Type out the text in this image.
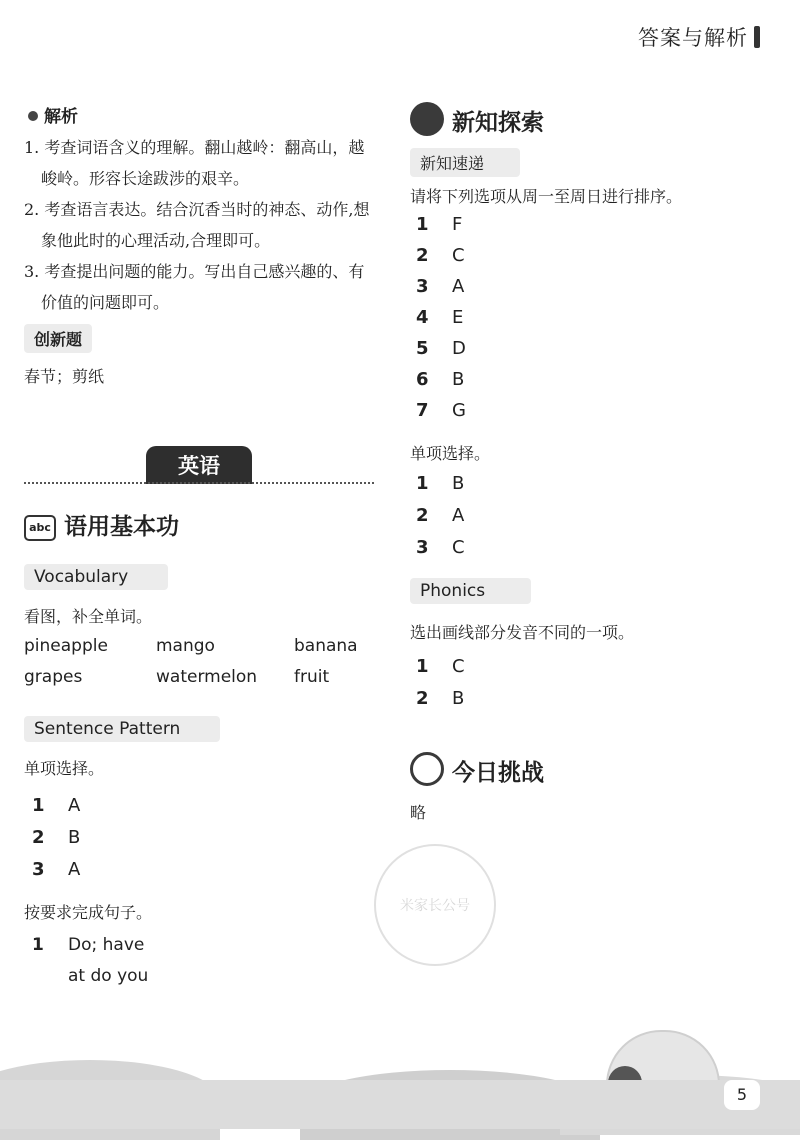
答案与解析
解析

1. 考查词语含义的理解。翻山越岭：翻高山，越峻岭。形容长途跋涉的艰辛。

2. 考查语言表达。结合沉香当时的神态、动作,想象他此时的心理活动,合理即可。

3. 考查提出问题的能力。写出自己感兴趣的、有价值的问题即可。

创新题
春节；剪纸
英语
abc 语用基本功
Vocabulary
看图，补全单词。
pineapple	mango	banana
grapes	watermelon fruit
Sentence Pattern
单项选择。
1 A
2 B
3 A
按要求完成句子。
1 Do; have
at do you
新知探索
新知速递
请将下列选项从周一至周日进行排序。
1 F
2 C
3 A
4 E
5 D
6 B
7 G
单项选择。
1 B
2 A
3 C
Phonics
选出画线部分发音不同的一项。
1 C
2 B
今日挑战
略
米家长公号
5
